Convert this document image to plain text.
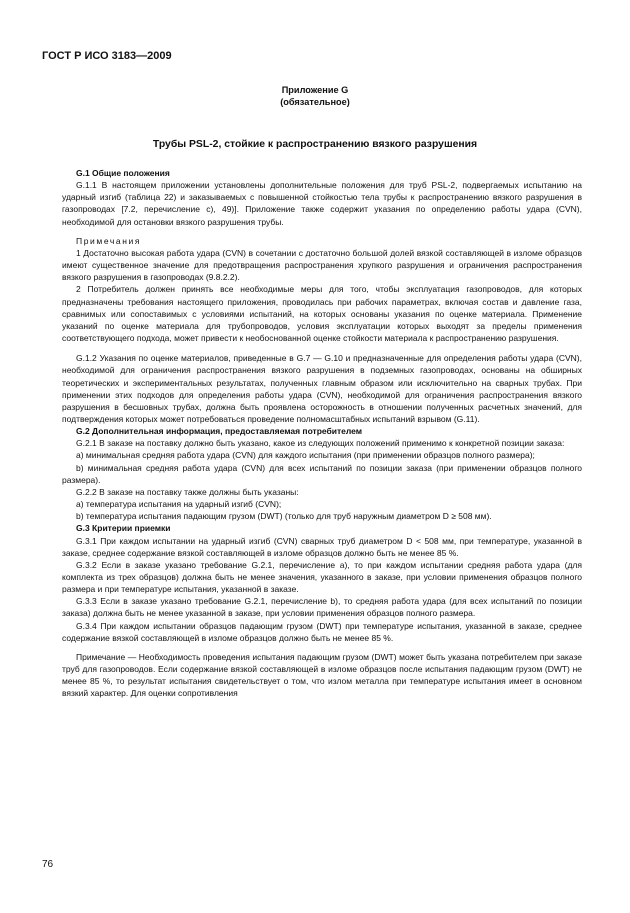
ГОСТ Р ИСО 3183—2009
Приложение G
(обязательное)
Трубы PSL-2, стойкие к распространению вязкого разрушения

G.1 Общие положения

G.1.1 В настоящем приложении установлены дополнительные положения для труб PSL-2, подвергаемых испытанию на ударный изгиб (таблица 22) и заказываемых с повышенной стойкостью тела трубы к распространению вязкого разрушения в газопроводах [7.2, перечисление с), 49)]. Приложение также содержит указания по определению работы удара (CVN), необходимой для остановки вязкого разрушения трубы.

Примечания

1 Достаточно высокая работа удара (CVN) в сочетании с достаточно большой долей вязкой составляющей в изломе образцов имеют существенное значение для предотвращения распространения хрупкого разрушения и ограничения распространения вязкого разрушения в газопроводах (9.8.2.2).

2 Потребитель должен принять все необходимые меры для того, чтобы эксплуатация газопроводов, для которых предназначены требования настоящего приложения, проводилась при рабочих параметрах, включая состав и давление газа, сравнимых или сопоставимых с условиями испытаний, на которых основаны указания по оценке материала. Применение указаний по оценке материала для трубопроводов, условия эксплуатации которых выходят за пределы применения соответствующего подхода, может привести к необоснованной оценке стойкости материала к распространению разрушения.

G.1.2 Указания по оценке материалов, приведенные в G.7 — G.10 и предназначенные для определения работы удара (CVN), необходимой для ограничения распространения вязкого разрушения в подземных газопроводах, основаны на обширных теоретических и экспериментальных результатах, полученных главным образом или исключительно на сварных трубах. При применении этих подходов для определения работы удара (CVN), необходимой для ограничения распространения вязкого разрушения в бесшовных трубах, должна быть проявлена осторожность в отношении полученных расчетных значений, для подтверждения которых может потребоваться проведение полномасштабных испытаний взрывом (G.11).

G.2 Дополнительная информация, предоставляемая потребителем

G.2.1 В заказе на поставку должно быть указано, какое из следующих положений применимо к конкретной позиции заказа:

а) минимальная средняя работа удара (CVN) для каждого испытания (при применении образцов полного размера);

b) минимальная средняя работа удара (CVN) для всех испытаний по позиции заказа (при применении образцов полного размера).

G.2.2 В заказе на поставку также должны быть указаны:

а) температура испытания на ударный изгиб (CVN);

b) температура испытания падающим грузом (DWT) (только для труб наружным диаметром D ≥ 508 мм).

G.3 Критерии приемки

G.3.1 При каждом испытании на ударный изгиб (CVN) сварных труб диаметром D < 508 мм, при температуре, указанной в заказе, среднее содержание вязкой составляющей в изломе образцов должно быть не менее 85 %.

G.3.2 Если в заказе указано требование G.2.1, перечисление а), то при каждом испытании средняя работа удара (для комплекта из трех образцов) должна быть не менее значения, указанного в заказе, при условии применения образцов полного размера и при температуре испытания, указанной в заказе.

G.3.3 Если в заказе указано требование G.2.1, перечисление b), то средняя работа удара (для всех испытаний по позиции заказа) должна быть не менее указанной в заказе, при условии применения образцов полного размера.

G.3.4 При каждом испытании образцов падающим грузом (DWT) при температуре испытания, указанной в заказе, среднее содержание вязкой составляющей в изломе образцов должно быть не менее 85 %.

Примечание — Необходимость проведения испытания падающим грузом (DWT) может быть указана потребителем при заказе труб для газопроводов. Если содержание вязкой составляющей в изломе образцов после испытания падающим грузом (DWT) не менее 85 %, то результат испытания свидетельствует о том, что излом металла при температуре испытания имеет в основном вязкий характер. Для оценки сопротивления

76
